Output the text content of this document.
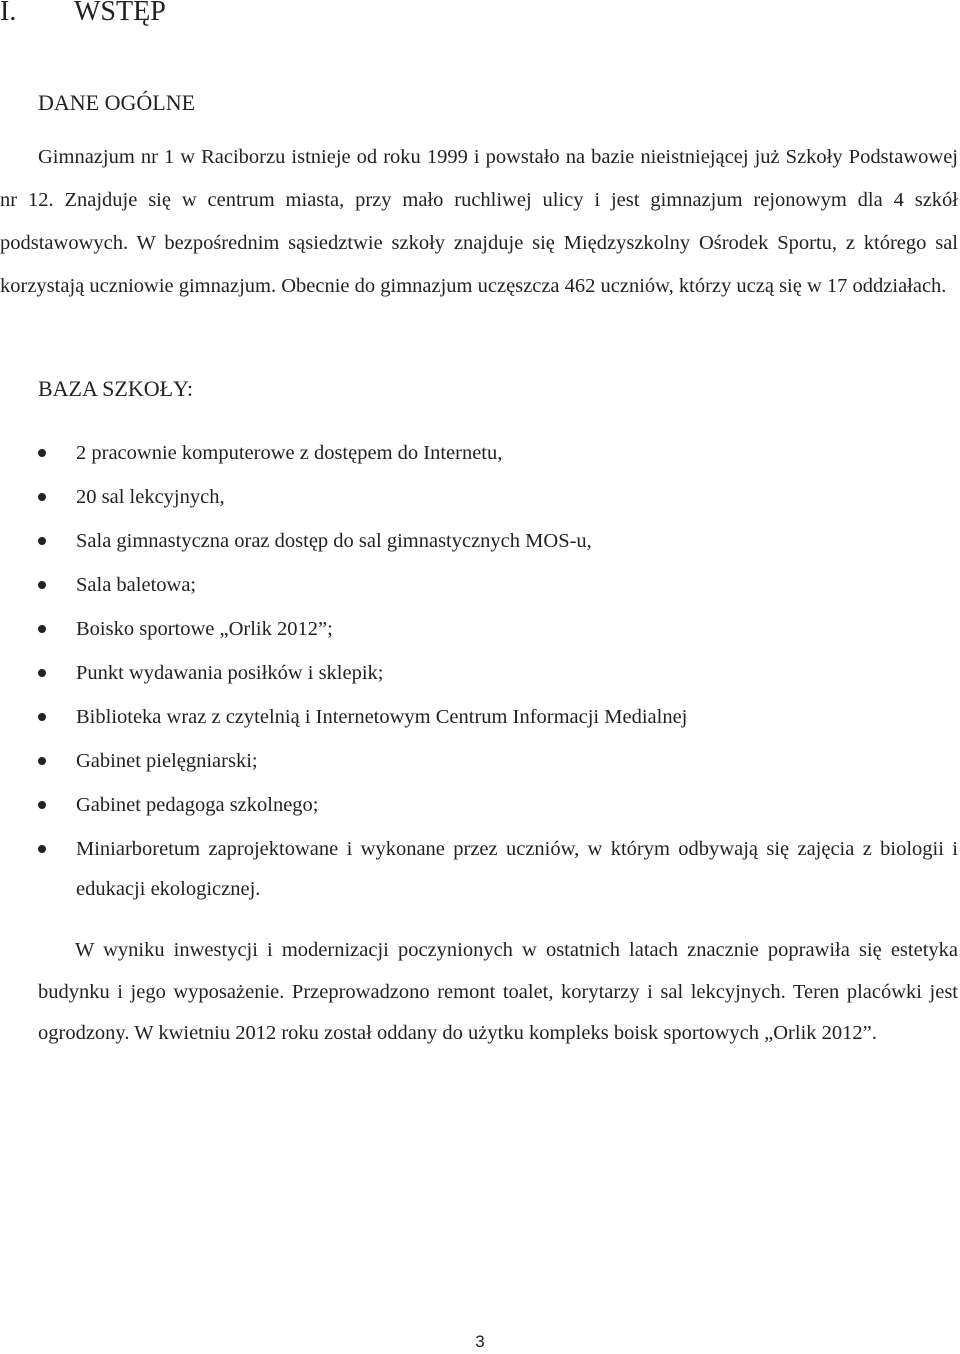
I. WSTĘP
DANE OGÓLNE

Gimnazjum nr 1 w Raciborzu istnieje od roku 1999 i powstało na bazie nieistniejącej już Szkoły Podstawowej nr 12. Znajduje się w centrum miasta, przy mało ruchliwej ulicy i jest gimnazjum rejonowym dla 4 szkół podstawowych. W bezpośrednim sąsiedztwie szkoły znajduje się Międzyszkolny Ośrodek Sportu, z którego sal korzystają uczniowie gimnazjum. Obecnie do gimnazjum uczęszcza 462 uczniów, którzy uczą się w 17 oddziałach.

BAZA SZKOŁY:
2 pracownie komputerowe z dostępem do Internetu,
20 sal lekcyjnych,
Sala gimnastyczna oraz dostęp do sal gimnastycznych MOS-u,
Sala baletowa;
Boisko sportowe „Orlik 2012”;
Punkt wydawania posiłków i sklepik;
Biblioteka wraz z czytelnią i Internetowym Centrum Informacji Medialnej
Gabinet pielęgniarski;
Gabinet pedagoga szkolnego;
Miniarboretum zaprojektowane i wykonane przez uczniów, w którym odbywają się zajęcia z biologii i edukacji ekologicznej.

W wyniku inwestycji i modernizacji poczynionych w ostatnich latach znacznie poprawiła się estetyka budynku i jego wyposażenie. Przeprowadzono remont toalet, korytarzy i sal lekcyjnych. Teren placówki jest ogrodzony. W kwietniu 2012 roku został oddany do użytku kompleks boisk sportowych „Orlik 2012”.

3
